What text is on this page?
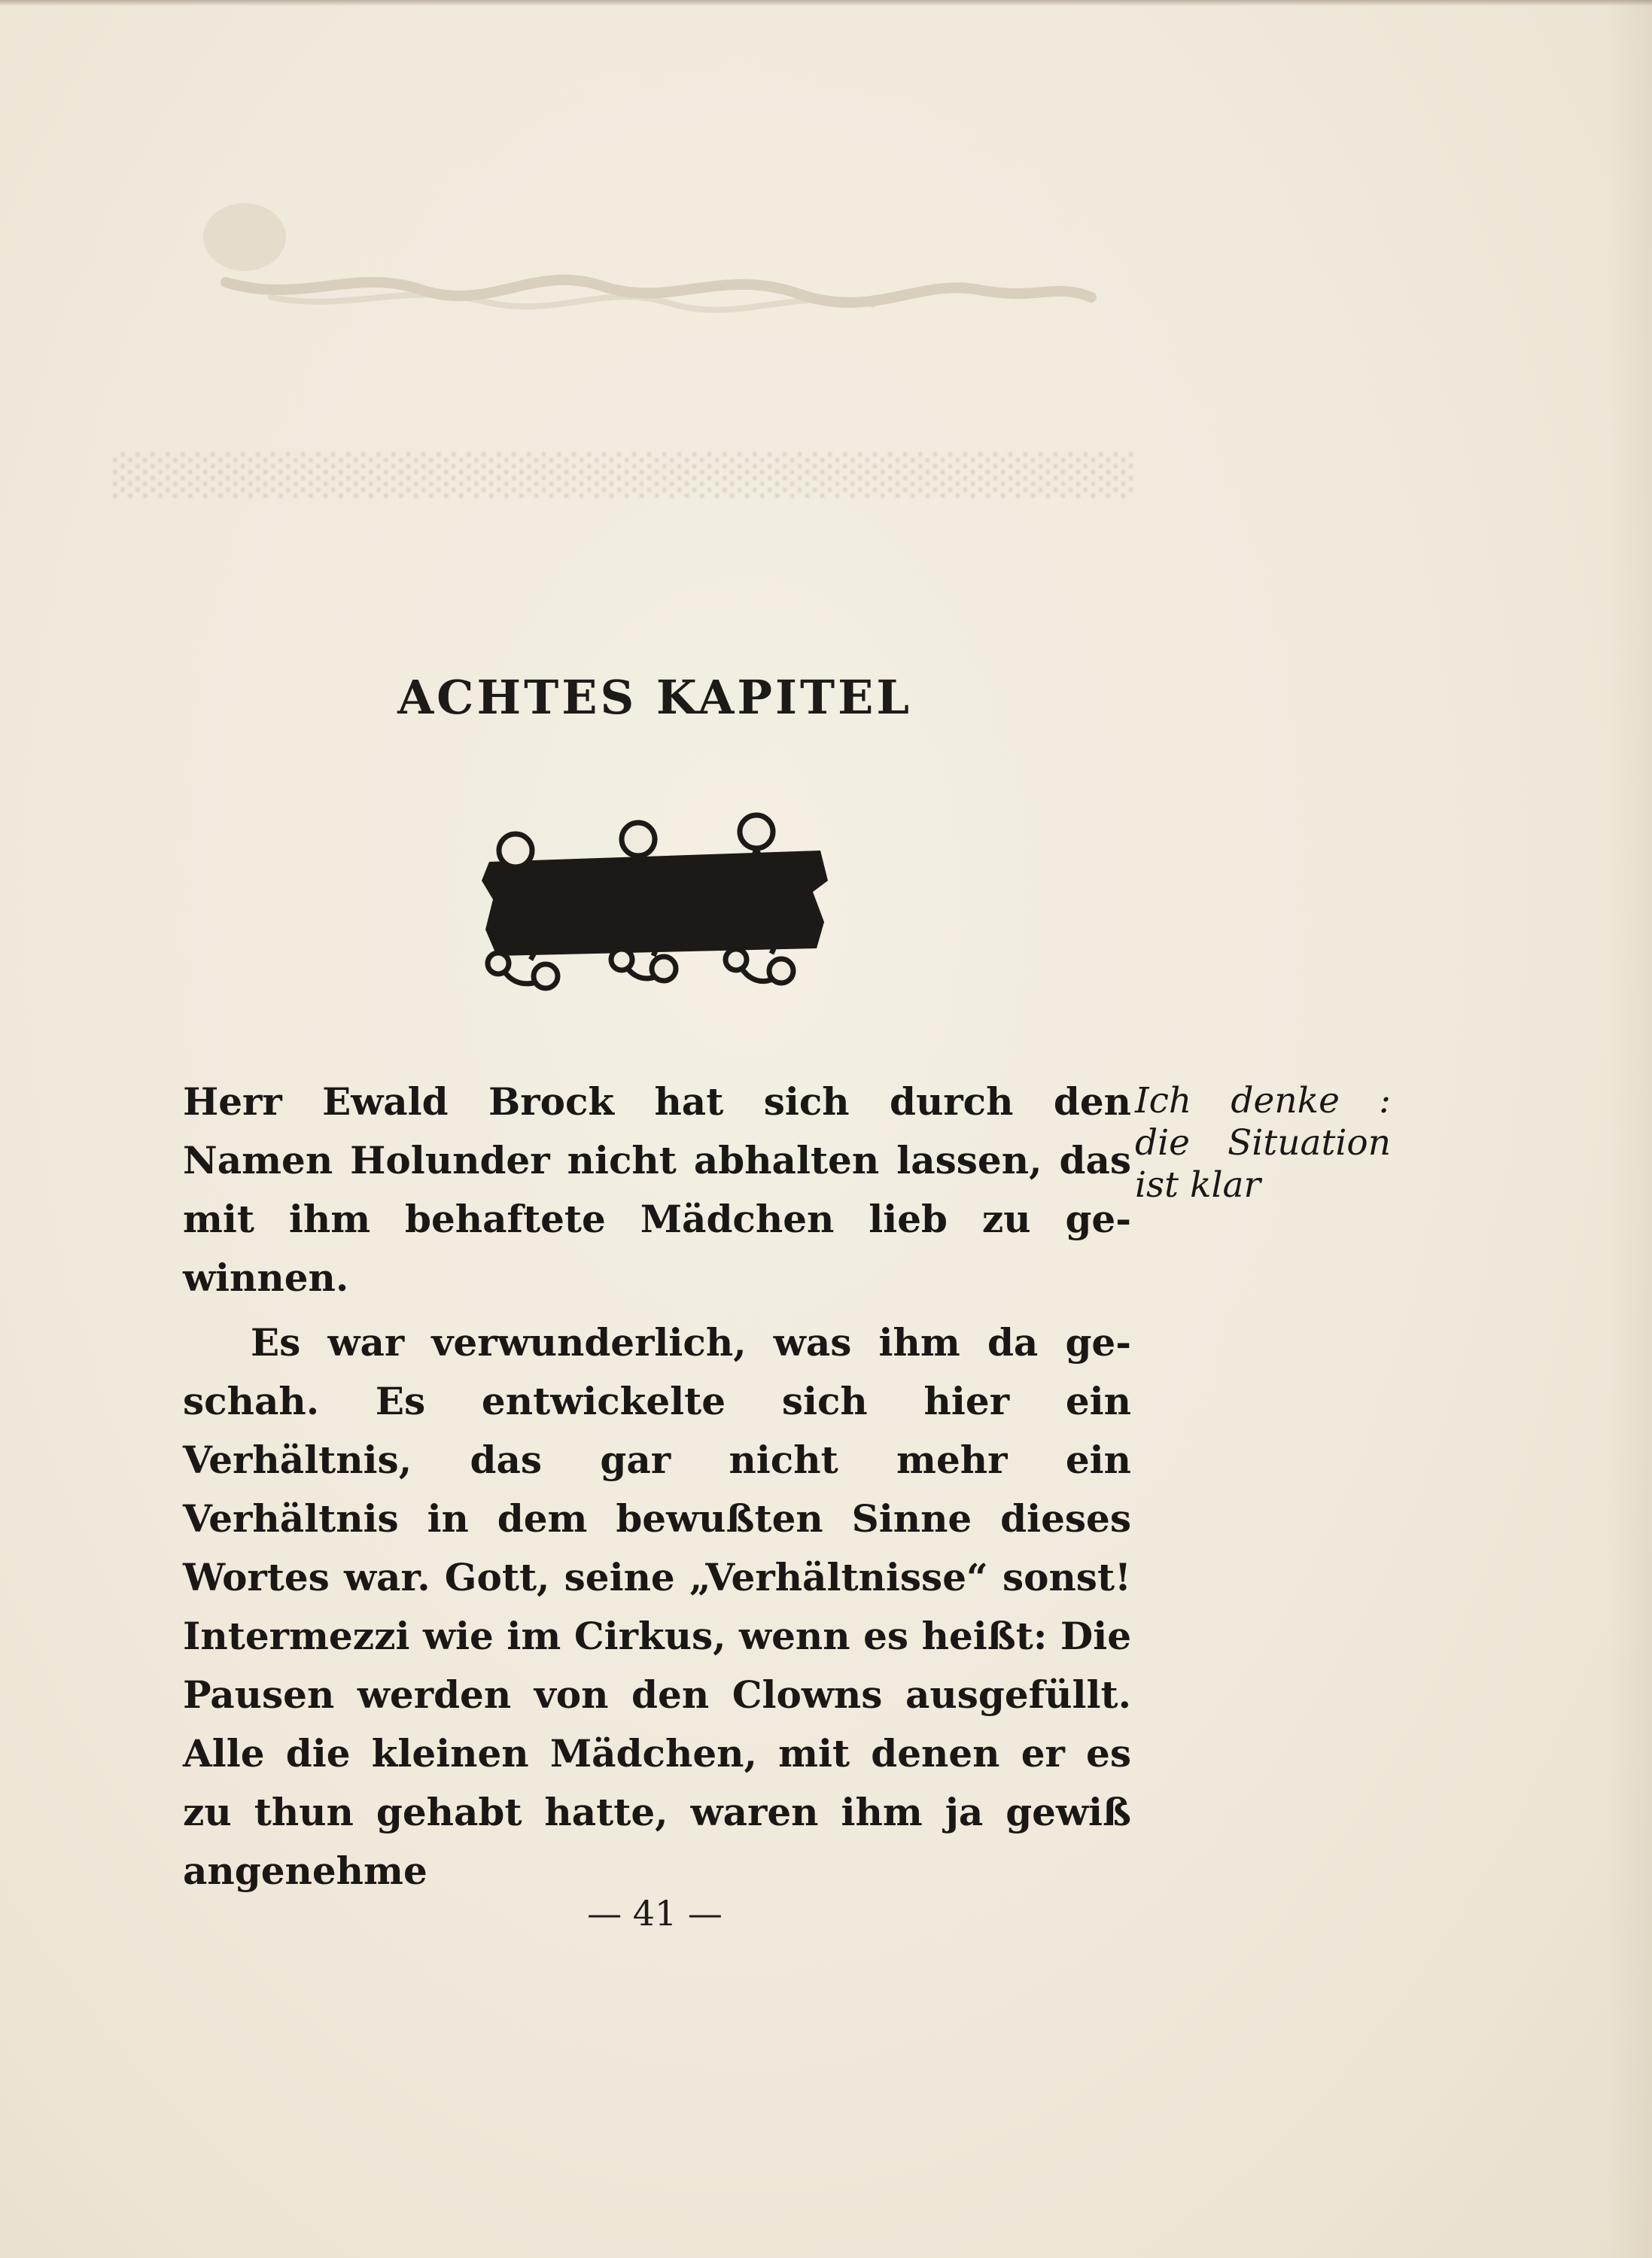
░░░░░░░░░░░░░░░░░░░░░░░░░░░░░░░░░░

ACHTES KAPITEL

Herr Ewald Brock hat sich durch den Namen Holunder nicht abhalten lassen, das mit ihm behaftete Mädchen lieb zu ge- winnen.

Es war verwunderlich, was ihm da ge- schah. Es entwickelte sich hier ein Verhältnis, das gar nicht mehr ein Verhältnis in dem bewußten Sinne dieses Wortes war. Gott, seine „Verhältnisse“ sonst! Intermezzi wie im Cirkus, wenn es heißt: Die Pausen werden von den Clowns ausgefüllt. Alle die kleinen Mädchen, mit denen er es zu thun gehabt hatte, waren ihm ja gewiß angenehme

Ich denke :
die Situation
ist klar
— 41 —
